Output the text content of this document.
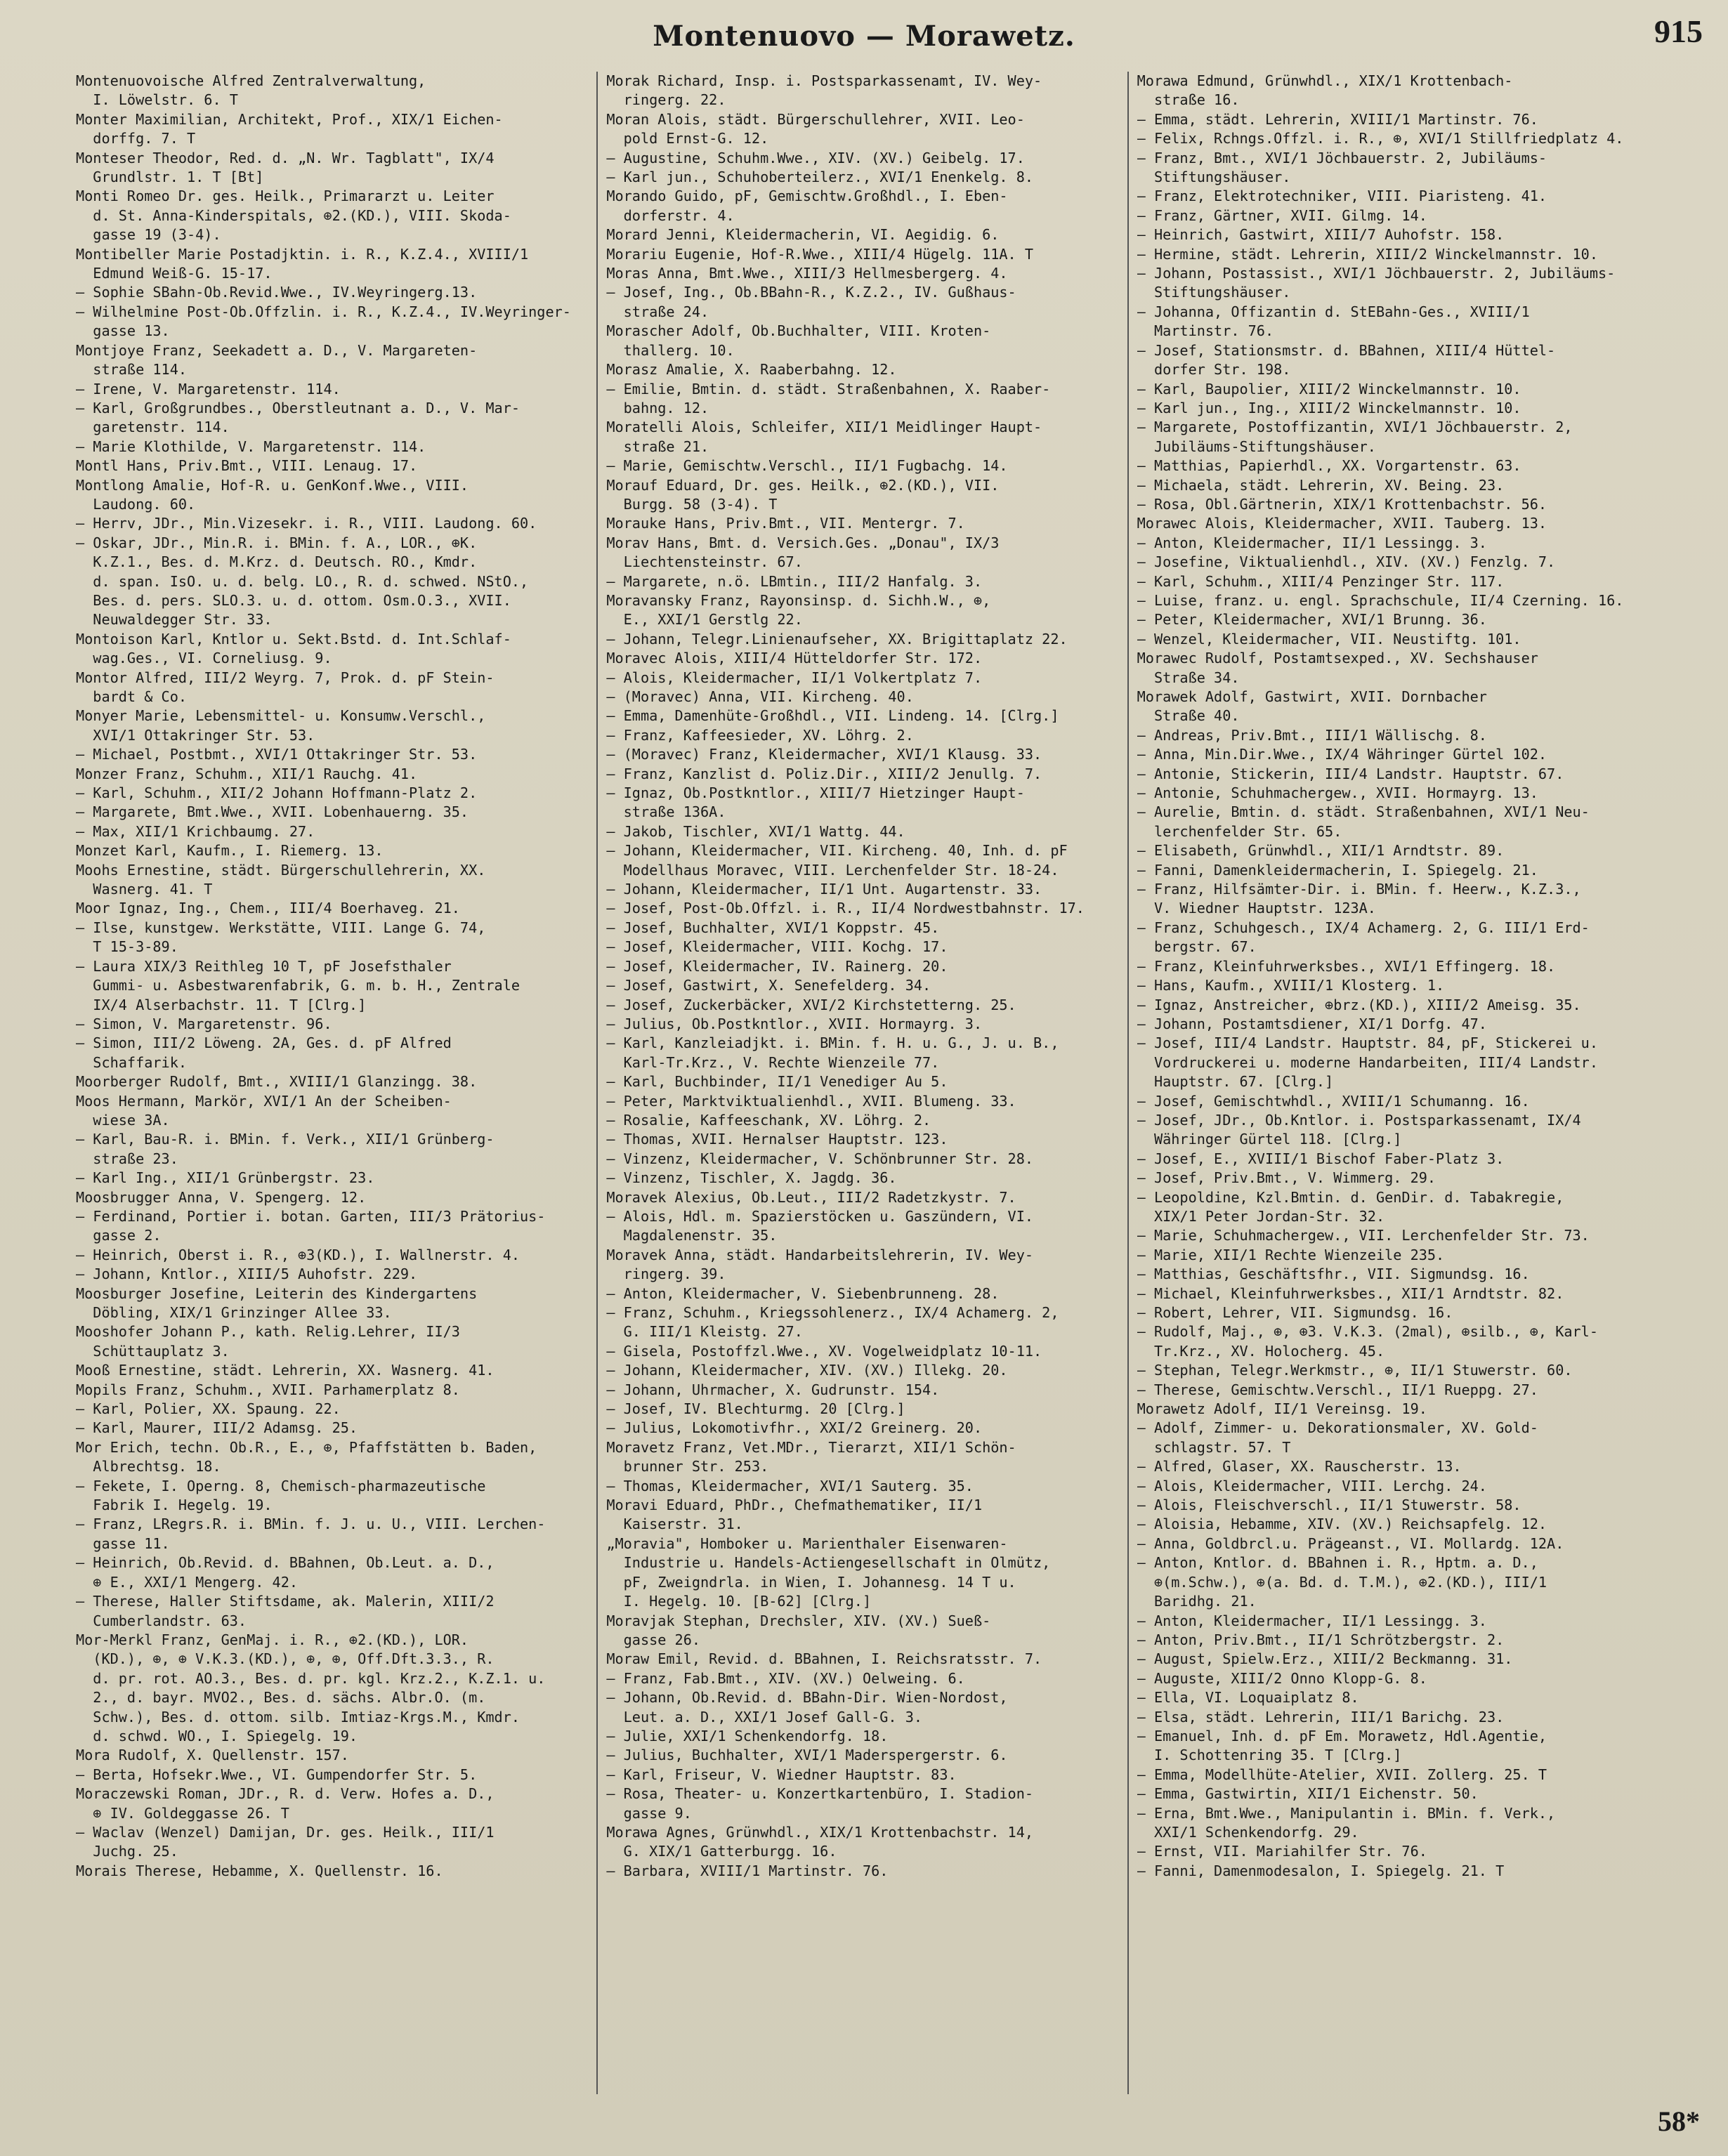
Montenuovo — Morawetz.	915
Montenuovoische Alfred Zentralverwaltung,
I. Löwelstr. 6. T
Monter Maximilian, Architekt, Prof., XIX/1 Eichen-
dorffg. 7. T
Monteser Theodor, Red. d. „N. Wr. Tagblatt", IX/4
Grundlstr. 1. T [Bt]
Monti Romeo Dr. ges. Heilk., Primararzt u. Leiter
d. St. Anna-Kinderspitals, ⊕2.(KD.), VIII. Skoda-
gasse 19 (3-4).
Montibeller Marie Postadjktin. i. R., K.Z.4., XVIII/1
Edmund Weiß-G. 15-17.
— Sophie SBahn-Ob.Revid.Wwe., IV.Weyringerg.13.
— Wilhelmine Post-Ob.Offzlin. i. R., K.Z.4., IV.Weyringer-
gasse 13.
Montjoye Franz, Seekadett a. D., V. Margareten-
straße 114.
— Irene, V. Margaretenstr. 114.
— Karl, Großgrundbes., Oberstleutnant a. D., V. Mar-
garetenstr. 114.
— Marie Klothilde, V. Margaretenstr. 114.
Montl Hans, Priv.Bmt., VIII. Lenaug. 17.
Montlong Amalie, Hof-R. u. GenKonf.Wwe., VIII.
Laudong. 60.
— Herrv, JDr., Min.Vizesekr. i. R., VIII. Laudong. 60.
— Oskar, JDr., Min.R. i. BMin. f. A., LOR., ⊕K.
K.Z.1., Bes. d. M.Krz. d. Deutsch. RO., Kmdr.
d. span. IsO. u. d. belg. LO., R. d. schwed. NStO.,
Bes. d. pers. SLO.3. u. d. ottom. Osm.O.3., XVII.
Neuwaldegger Str. 33.
Montoison Karl, Kntlor u. Sekt.Bstd. d. Int.Schlaf-
wag.Ges., VI. Corneliusg. 9.
Montor Alfred, III/2 Weyrg. 7, Prok. d. pF Stein-
bardt & Co.
Monyer Marie, Lebensmittel- u. Konsumw.Verschl.,
XVI/1 Ottakringer Str. 53.
— Michael, Postbmt., XVI/1 Ottakringer Str. 53.
Monzer Franz, Schuhm., XII/1 Rauchg. 41.
— Karl, Schuhm., XII/2 Johann Hoffmann-Platz 2.
— Margarete, Bmt.Wwe., XVII. Lobenhauerng. 35.
— Max, XII/1 Krichbaumg. 27.
Monzet Karl, Kaufm., I. Riemerg. 13.
Moohs Ernestine, städt. Bürgerschullehrerin, XX.
Wasnerg. 41. T
Moor Ignaz, Ing., Chem., III/4 Boerhaveg. 21.
— Ilse, kunstgew. Werkstätte, VIII. Lange G. 74,
T 15-3-89.
— Laura XIX/3 Reithleg 10 T, pF Josefsthaler
Gummi- u. Asbestwarenfabrik, G. m. b. H., Zentrale
IX/4 Alserbachstr. 11. T [Clrg.]
— Simon, V. Margaretenstr. 96.
— Simon, III/2 Löweng. 2A, Ges. d. pF Alfred
Schaffarik.
Moorberger Rudolf, Bmt., XVIII/1 Glanzingg. 38.
Moos Hermann, Markör, XVI/1 An der Scheiben-
wiese 3A.
— Karl, Bau-R. i. BMin. f. Verk., XII/1 Grünberg-
straße 23.
— Karl Ing., XII/1 Grünbergstr. 23.
Moosbrugger Anna, V. Spengerg. 12.
— Ferdinand, Portier i. botan. Garten, III/3 Prätorius-
gasse 2.
— Heinrich, Oberst i. R., ⊕3(KD.), I. Wallnerstr. 4.
— Johann, Kntlor., XIII/5 Auhofstr. 229.
Moosburger Josefine, Leiterin des Kindergartens
Döbling, XIX/1 Grinzinger Allee 33.
Mooshofer Johann P., kath. Relig.Lehrer, II/3
Schüttauplatz 3.
Mooß Ernestine, städt. Lehrerin, XX. Wasnerg. 41.
Mopils Franz, Schuhm., XVII. Parhamerplatz 8.
— Karl, Polier, XX. Spaung. 22.
— Karl, Maurer, III/2 Adamsg. 25.
Mor Erich, techn. Ob.R., E., ⊕, Pfaffstätten b. Baden,
Albrechtsg. 18.
— Fekete, I. Operng. 8, Chemisch-pharmazeutische
Fabrik I. Hegelg. 19.
— Franz, LRegrs.R. i. BMin. f. J. u. U., VIII. Lerchen-
gasse 11.
— Heinrich, Ob.Revid. d. BBahnen, Ob.Leut. a. D.,
⊕ E., XXI/1 Mengerg. 42.
— Therese, Haller Stiftsdame, ak. Malerin, XIII/2
Cumberlandstr. 63.
Mor-Merkl Franz, GenMaj. i. R., ⊕2.(KD.), LOR.
(KD.), ⊕, ⊕ V.K.3.(KD.), ⊕, ⊕, Off.Dft.3.3., R.
d. pr. rot. AO.3., Bes. d. pr. kgl. Krz.2., K.Z.1. u.
2., d. bayr. MVO2., Bes. d. sächs. Albr.O. (m.
Schw.), Bes. d. ottom. silb. Imtiaz-Krgs.M., Kmdr.
d. schwd. WO., I. Spiegelg. 19.
Mora Rudolf, X. Quellenstr. 157.
— Berta, Hofsekr.Wwe., VI. Gumpendorfer Str. 5.
Moraczewski Roman, JDr., R. d. Verw. Hofes a. D.,
⊕ IV. Goldeggasse 26. T
— Waclav (Wenzel) Damijan, Dr. ges. Heilk., III/1
Juchg. 25.
Morais Therese, Hebamme, X. Quellenstr. 16.
Morak Richard, Insp. i. Postsparkassenamt, IV. Wey-
ringerg. 22.
Moran Alois, städt. Bürgerschullehrer, XVII. Leo-
pold Ernst-G. 12.
— Augustine, Schuhm.Wwe., XIV. (XV.) Geibelg. 17.
— Karl jun., Schuhoberteilerz., XVI/1 Enenkelg. 8.
Morando Guido, pF, Gemischtw.Großhdl., I. Eben-
dorferstr. 4.
Morard Jenni, Kleidermacherin, VI. Aegidig. 6.
Morariu Eugenie, Hof-R.Wwe., XIII/4 Hügelg. 11A. T
Moras Anna, Bmt.Wwe., XIII/3 Hellmesbergerg. 4.
— Josef, Ing., Ob.BBahn-R., K.Z.2., IV. Gußhaus-
straße 24.
Morascher Adolf, Ob.Buchhalter, VIII. Kroten-
thallerg. 10.
Morasz Amalie, X. Raaberbahng. 12.
— Emilie, Bmtin. d. städt. Straßenbahnen, X. Raaber-
bahng. 12.
Moratelli Alois, Schleifer, XII/1 Meidlinger Haupt-
straße 21.
— Marie, Gemischtw.Verschl., II/1 Fugbachg. 14.
Morauf Eduard, Dr. ges. Heilk., ⊕2.(KD.), VII.
Burgg. 58 (3-4). T
Morauke Hans, Priv.Bmt., VII. Mentergr. 7.
Morav Hans, Bmt. d. Versich.Ges. „Donau", IX/3
Liechtensteinstr. 67.
— Margarete, n.ö. LBmtin., III/2 Hanfalg. 3.
Moravansky Franz, Rayonsinsp. d. Sichh.W., ⊕,
E., XXI/1 Gerstlg 22.
— Johann, Telegr.Linienaufseher, XX. Brigittaplatz 22.
Moravec Alois, XIII/4 Hütteldorfer Str. 172.
— Alois, Kleidermacher, II/1 Volkertplatz 7.
— (Moravec) Anna, VII. Kircheng. 40.
— Emma, Damenhüte-Großhdl., VII. Lindeng. 14. [Clrg.]
— Franz, Kaffeesieder, XV. Löhrg. 2.
— (Moravec) Franz, Kleidermacher, XVI/1 Klausg. 33.
— Franz, Kanzlist d. Poliz.Dir., XIII/2 Jenullg. 7.
— Ignaz, Ob.Postkntlor., XIII/7 Hietzinger Haupt-
straße 136A.
— Jakob, Tischler, XVI/1 Wattg. 44.
— Johann, Kleidermacher, VII. Kircheng. 40, Inh. d. pF
Modellhaus Moravec, VIII. Lerchenfelder Str. 18-24.
— Johann, Kleidermacher, II/1 Unt. Augartenstr. 33.
— Josef, Post-Ob.Offzl. i. R., II/4 Nordwestbahnstr. 17.
— Josef, Buchhalter, XVI/1 Koppstr. 45.
— Josef, Kleidermacher, VIII. Kochg. 17.
— Josef, Kleidermacher, IV. Rainerg. 20.
— Josef, Gastwirt, X. Senefelderg. 34.
— Josef, Zuckerbäcker, XVI/2 Kirchstetterng. 25.
— Julius, Ob.Postkntlor., XVII. Hormayrg. 3.
— Karl, Kanzleiadjkt. i. BMin. f. H. u. G., J. u. B.,
Karl-Tr.Krz., V. Rechte Wienzeile 77.
— Karl, Buchbinder, II/1 Venediger Au 5.
— Peter, Marktviktualienhdl., XVII. Blumeng. 33.
— Rosalie, Kaffeeschank, XV. Löhrg. 2.
— Thomas, XVII. Hernalser Hauptstr. 123.
— Vinzenz, Kleidermacher, V. Schönbrunner Str. 28.
— Vinzenz, Tischler, X. Jagdg. 36.
Moravek Alexius, Ob.Leut., III/2 Radetzkystr. 7.
— Alois, Hdl. m. Spazierstöcken u. Gaszündern, VI.
Magdalenenstr. 35.
Moravek Anna, städt. Handarbeitslehrerin, IV. Wey-
ringerg. 39.
— Anton, Kleidermacher, V. Siebenbrunneng. 28.
— Franz, Schuhm., Kriegssohlenerz., IX/4 Achamerg. 2,
G. III/1 Kleistg. 27.
— Gisela, Postoffzl.Wwe., XV. Vogelweidplatz 10-11.
— Johann, Kleidermacher, XIV. (XV.) Illekg. 20.
— Johann, Uhrmacher, X. Gudrunstr. 154.
— Josef, IV. Blechturmg. 20 [Clrg.]
— Julius, Lokomotivfhr., XXI/2 Greinerg. 20.
Moravetz Franz, Vet.MDr., Tierarzt, XII/1 Schön-
brunner Str. 253.
— Thomas, Kleidermacher, XVI/1 Sauterg. 35.
Moravi Eduard, PhDr., Chefmathematiker, II/1
Kaiserstr. 31.
„Moravia", Homboker u. Marienthaler Eisenwaren-
Industrie u. Handels-Actiengesellschaft in Olmütz,
pF, Zweigndrla. in Wien, I. Johannesg. 14 T u.
I. Hegelg. 10. [B-62] [Clrg.]
Moravjak Stephan, Drechsler, XIV. (XV.) Sueß-
gasse 26.
Moraw Emil, Revid. d. BBahnen, I. Reichsratsstr. 7.
— Franz, Fab.Bmt., XIV. (XV.) Oelweing. 6.
— Johann, Ob.Revid. d. BBahn-Dir. Wien-Nordost,
Leut. a. D., XXI/1 Josef Gall-G. 3.
— Julie, XXI/1 Schenkendorfg. 18.
— Julius, Buchhalter, XVI/1 Maderspergerstr. 6.
— Karl, Friseur, V. Wiedner Hauptstr. 83.
— Rosa, Theater- u. Konzertkartenbüro, I. Stadion-
gasse 9.
Morawa Agnes, Grünwhdl., XIX/1 Krottenbachstr. 14,
G. XIX/1 Gatterburgg. 16.
— Barbara, XVIII/1 Martinstr. 76.
Morawa Edmund, Grünwhdl., XIX/1 Krottenbach-
straße 16.
— Emma, städt. Lehrerin, XVIII/1 Martinstr. 76.
— Felix, Rchngs.Offzl. i. R., ⊕, XVI/1 Stillfriedplatz 4.
— Franz, Bmt., XVI/1 Jöchbauerstr. 2, Jubiläums-
Stiftungshäuser.
— Franz, Elektrotechniker, VIII. Piaristeng. 41.
— Franz, Gärtner, XVII. Gilmg. 14.
— Heinrich, Gastwirt, XIII/7 Auhofstr. 158.
— Hermine, städt. Lehrerin, XIII/2 Winckelmannstr. 10.
— Johann, Postassist., XVI/1 Jöchbauerstr. 2, Jubiläums-
Stiftungshäuser.
— Johanna, Offizantin d. StEBahn-Ges., XVIII/1
Martinstr. 76.
— Josef, Stationsmstr. d. BBahnen, XIII/4 Hüttel-
dorfer Str. 198.
— Karl, Baupolier, XIII/2 Winckelmannstr. 10.
— Karl jun., Ing., XIII/2 Winckelmannstr. 10.
— Margarete, Postoffizantin, XVI/1 Jöchbauerstr. 2,
Jubiläums-Stiftungshäuser.
— Matthias, Papierhdl., XX. Vorgartenstr. 63.
— Michaela, städt. Lehrerin, XV. Being. 23.
— Rosa, Obl.Gärtnerin, XIX/1 Krottenbachstr. 56.
Morawec Alois, Kleidermacher, XVII. Tauberg. 13.
— Anton, Kleidermacher, II/1 Lessingg. 3.
— Josefine, Viktualienhdl., XIV. (XV.) Fenzlg. 7.
— Karl, Schuhm., XIII/4 Penzinger Str. 117.
— Luise, franz. u. engl. Sprachschule, II/4 Czerning. 16.
— Peter, Kleidermacher, XVI/1 Brunng. 36.
— Wenzel, Kleidermacher, VII. Neustiftg. 101.
Morawec Rudolf, Postamtsexped., XV. Sechshauser
Straße 34.
Morawek Adolf, Gastwirt, XVII. Dornbacher
Straße 40.
— Andreas, Priv.Bmt., III/1 Wällischg. 8.
— Anna, Min.Dir.Wwe., IX/4 Währinger Gürtel 102.
— Antonie, Stickerin, III/4 Landstr. Hauptstr. 67.
— Antonie, Schuhmachergew., XVII. Hormayrg. 13.
— Aurelie, Bmtin. d. städt. Straßenbahnen, XVI/1 Neu-
lerchenfelder Str. 65.
— Elisabeth, Grünwhdl., XII/1 Arndtstr. 89.
— Fanni, Damenkleidermacherin, I. Spiegelg. 21.
— Franz, Hilfsämter-Dir. i. BMin. f. Heerw., K.Z.3.,
V. Wiedner Hauptstr. 123A.
— Franz, Schuhgesch., IX/4 Achamerg. 2, G. III/1 Erd-
bergstr. 67.
— Franz, Kleinfuhrwerksbes., XVI/1 Effingerg. 18.
— Hans, Kaufm., XVIII/1 Klosterg. 1.
— Ignaz, Anstreicher, ⊕brz.(KD.), XIII/2 Ameisg. 35.
— Johann, Postamtsdiener, XI/1 Dorfg. 47.
— Josef, III/4 Landstr. Hauptstr. 84, pF, Stickerei u.
Vordruckerei u. moderne Handarbeiten, III/4 Landstr.
Hauptstr. 67. [Clrg.]
— Josef, Gemischtwhdl., XVIII/1 Schumanng. 16.
— Josef, JDr., Ob.Kntlor. i. Postsparkassenamt, IX/4
Währinger Gürtel 118. [Clrg.]
— Josef, E., XVIII/1 Bischof Faber-Platz 3.
— Josef, Priv.Bmt., V. Wimmerg. 29.
— Leopoldine, Kzl.Bmtin. d. GenDir. d. Tabakregie,
XIX/1 Peter Jordan-Str. 32.
— Marie, Schuhmachergew., VII. Lerchenfelder Str. 73.
— Marie, XII/1 Rechte Wienzeile 235.
— Matthias, Geschäftsfhr., VII. Sigmundsg. 16.
— Michael, Kleinfuhrwerksbes., XII/1 Arndtstr. 82.
— Robert, Lehrer, VII. Sigmundsg. 16.
— Rudolf, Maj., ⊕, ⊕3. V.K.3. (2mal), ⊕silb., ⊕, Karl-
Tr.Krz., XV. Holocherg. 45.
— Stephan, Telegr.Werkmstr., ⊕, II/1 Stuwerstr. 60.
— Therese, Gemischtw.Verschl., II/1 Rueppg. 27.
Morawetz Adolf, II/1 Vereinsg. 19.
— Adolf, Zimmer- u. Dekorationsmaler, XV. Gold-
schlagstr. 57. T
— Alfred, Glaser, XX. Rauscherstr. 13.
— Alois, Kleidermacher, VIII. Lerchg. 24.
— Alois, Fleischverschl., II/1 Stuwerstr. 58.
— Aloisia, Hebamme, XIV. (XV.) Reichsapfelg. 12.
— Anna, Goldbrcl.u. Prägeanst., VI. Mollardg. 12A.
— Anton, Kntlor. d. BBahnen i. R., Hptm. a. D.,
⊕(m.Schw.), ⊕(a. Bd. d. T.M.), ⊕2.(KD.), III/1
Baridhg. 21.
— Anton, Kleidermacher, II/1 Lessingg. 3.
— Anton, Priv.Bmt., II/1 Schrötzbergstr. 2.
— August, Spielw.Erz., XIII/2 Beckmanng. 31.
— Auguste, XIII/2 Onno Klopp-G. 8.
— Ella, VI. Loquaiplatz 8.
— Elsa, städt. Lehrerin, III/1 Barichg. 23.
— Emanuel, Inh. d. pF Em. Morawetz, Hdl.Agentie,
I. Schottenring 35. T [Clrg.]
— Emma, Modellhüte-Atelier, XVII. Zollerg. 25. T
— Emma, Gastwirtin, XII/1 Eichenstr. 50.
— Erna, Bmt.Wwe., Manipulantin i. BMin. f. Verk.,
XXI/1 Schenkendorfg. 29.
— Ernst, VII. Mariahilfer Str. 76.
— Fanni, Damenmodesalon, I. Spiegelg. 21. T
58*
